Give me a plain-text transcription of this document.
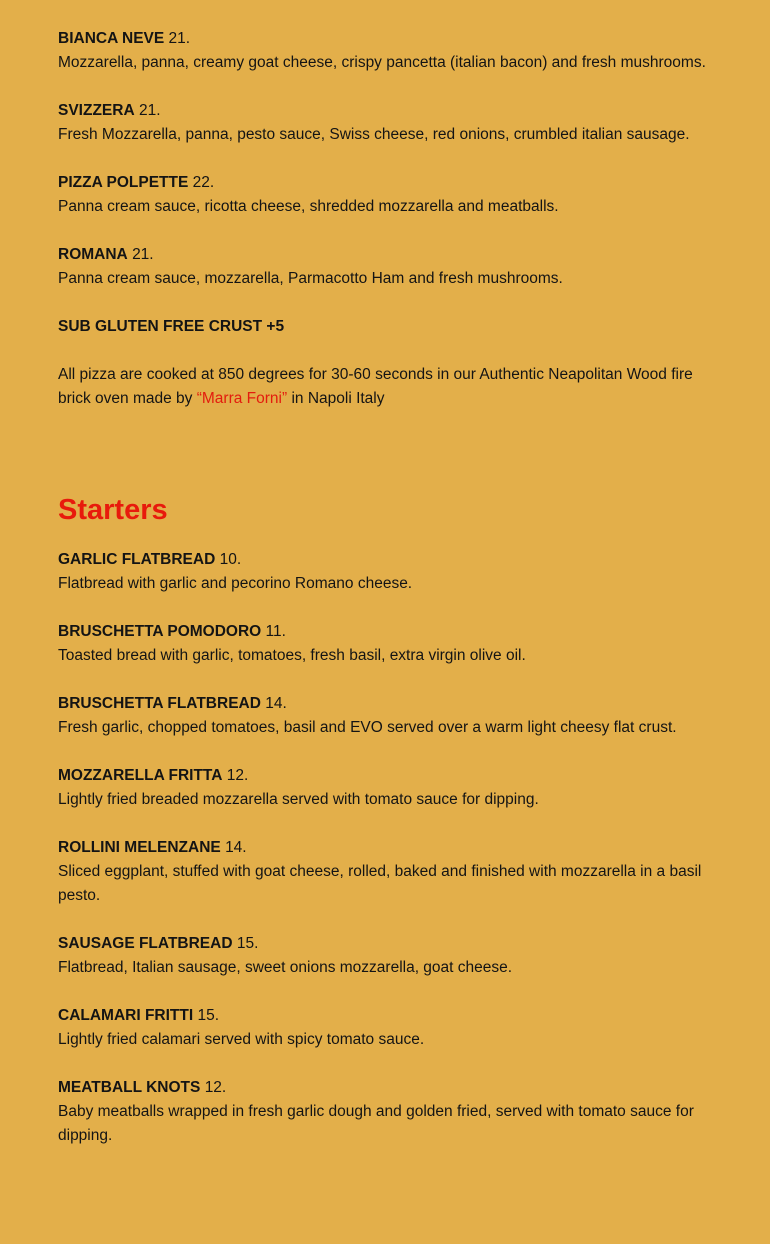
BIANCA NEVE 21.
Mozzarella, panna, creamy goat cheese, crispy pancetta (italian bacon) and fresh mushrooms.
SVIZZERA 21.
Fresh Mozzarella, panna, pesto sauce, Swiss cheese, red onions, crumbled italian sausage.
PIZZA POLPETTE 22.
Panna cream sauce, ricotta cheese, shredded mozzarella and meatballs.
ROMANA 21.
Panna cream sauce, mozzarella, Parmacotto Ham and fresh mushrooms.
SUB GLUTEN FREE CRUST +5

All pizza are cooked at 850 degrees for 30-60 seconds in our Authentic Neapolitan Wood fire brick oven made by “Marra Forni” in Napoli Italy

Starters
GARLIC FLATBREAD 10.
Flatbread with garlic and pecorino Romano cheese.
BRUSCHETTA POMODORO 11.
Toasted bread with garlic, tomatoes, fresh basil, extra virgin olive oil.
BRUSCHETTA FLATBREAD 14.
Fresh garlic, chopped tomatoes, basil and EVO served over a warm light cheesy flat crust.
MOZZARELLA FRITTA 12.
Lightly fried breaded mozzarella served with tomato sauce for dipping.
ROLLINI MELENZANE 14.
Sliced eggplant, stuffed with goat cheese, rolled, baked and finished with mozzarella in a basil pesto.
SAUSAGE FLATBREAD 15.
Flatbread, Italian sausage, sweet onions mozzarella, goat cheese.
CALAMARI FRITTI 15.
Lightly fried calamari served with spicy tomato sauce.
MEATBALL KNOTS 12.
Baby meatballs wrapped in fresh garlic dough and golden fried, served with tomato sauce for dipping.
